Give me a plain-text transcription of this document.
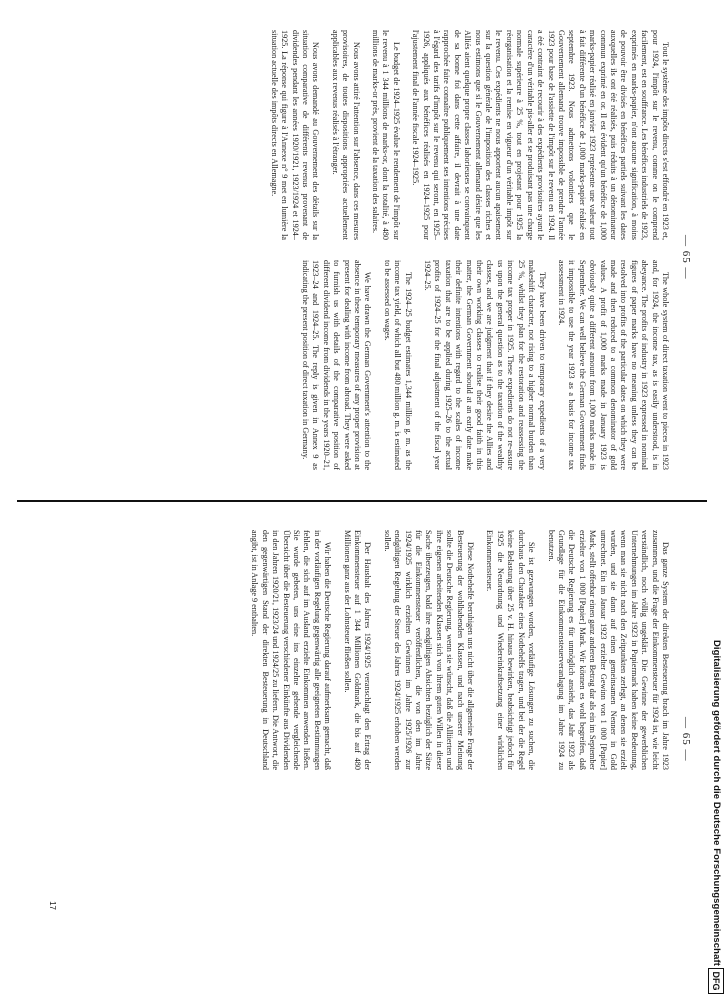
Digitalisierung gefördert durch die Deutsche Forschungsgemeinschaft
DFG
— 65 —

Tout le système des impôts directs s'est effondré en 1923 et, pour 1924, l'impôt sur le revenu, comme on le comprend facilement, est en souffrance. Les bénéfices industriels de 1923, exprimés en marks-papier, n'ont aucune signification, à moins de pouvoir être divisés en bénéfices partiels suivant les dates auxquelles ils ont été réalisés, puis réduits à un dénominateur commun exprimé en or. Il est évident qu'un bénéfice de 1,000 marks-papier réalisé en janvier 1923 représente une valeur tout à fait différente d'un bénéfice de 1,000 marks-papier réalisé en septembre 1923. Nous admettons volontiers que le Gouvernement allemand trouve impossible de prendre l'année 1923 pour base de l'assiette de l'impôt sur le revenu en 1924. Il a été contraint de recourir à des expédients provisoires ayant le caractère d'un véritable pis-aller et se produisant pas une charge normale supérieure à 25 %, tout en projetant pour 1925 la réorganisation et la remise en vigueur d'un véritable impôt sur le revenu. Ces expédients ne nous apportent aucun apaisement sur la question générale de l'imposition des classes riches et nous estimons que si le Gouvernement allemand désire que les Alliés aient quelque propre classes laborieuses se convainquent de sa bonne foi dans cette affaire, il devrait à une date rapprochée faire connaître publiquement ses intentions précises à l'égard des tarifs d'impôt sur le revenu qui seront, en 1925–1926, appliqués aux bénéfices réalisés en 1924–1925 pour l'ajustement final de l'année fiscale 1924–1925.

Le budget de 1924–1925 évalue le rendement de l'impôt sur le revenu à 1 344 millions de marks-or, dont la totalité, à 480 millions de marks-or près, provient de la taxation des salaires.

Nous avons attiré l'attention sur l'absence, dans ces mesures provisoires, de toutes dispositions appropriées actuellement applicables aux revenus réalisés à l'étranger.

Nous avons demandé au Gouvernement des détails sur la situation comparative de différents revenus provenant de dividendes pendant les années 1920/1921, 1923/1924 et 1924–1925. La réponse qui figure à l'Annexe n° 9 met en lumière la situation actuelle des impôts directs en Allemagne.

The whole system of direct taxation went to pieces in 1923 and, for 1924, the income tax, as is easily understood, is in abeyance. The profits of industry in 1923 expressed in nominal figures of paper marks have no meaning unless they can be resolved into profits of the particular dates on which they were made and then reduced to a common denominator of gold values. A profit of 1,000 marks made in January 1923 is obviously quite a different amount from 1,000 marks made in September. We can well believe the German Government finds it impossible to use the year 1923 as a basis for income tax assessment in 1924.

They have been driven to temporary expedients of a very makeshift character, not rising to a higher normal burden than 25 %, whilst they plan for the restoration and reassessing the income tax proper in 1925. These expedients do not re-assure us upon the general question as to the taxation of the wealthy classes, and we are judgment that if they desire the Allies and their own working classes to realise their good faith in this matter, the German Government should at an early date make their definite intentions with regard to the scales of income taxation that are to be applied during 1925–26 to the actual profits of 1924–25 for the final adjustment of the fiscal year 1924–25.

The 1924–25 budget estimates 1,344 million g. m. as the income tax yield, of which all but 480 million g. m. is estimated to be assessed on wages.

We have drawn the German Government's attention to the absence in these temporary measures of any proper provision at present for dealing with income from abroad. They were asked to furnish us with details of the comparative position of different dividend income from dividends in the years 1920–21, 1923–24 and 1924–25. The reply is given in Annex 9 as indicating the present position of direct taxation in Germany.

— 65 —

Das ganze System der direkten Besteuerung brach im Jahre 1923 zusammen, und die Frage der Einkommensteuer für 1924 ist, wie leicht verständlich, noch völlig ungeklärt. Die Gewinne der gewerblichen Unternehmungen im Jahre 1923 in Papiermark haben keine Bedeutung, wenn man sie nicht nach den Zeitpunkten zerlegt, an denen sie erzielt wurden, und sie dann auf einen gemeinsamen Nenner in Gold umrechnet. Ein im Januar 1923 erzielter Gewinn von 1 000 [Papier] Mark, stellt offenbar einen ganz anderen Betrag dar als ein im September erzielter von 1 000 [Papier] Mark. Wir können es wohl begreifen, daß die Deutsche Regierung es für unmöglich ansieht, das Jahr 1923 als Grundlage für die Einkommensteuerveranlagung im Jahre 1924 zu benutzen.

Sie ist gezwungen worden, vorläufige Lösungen zu suchen, die durchaus den Charakter eines Notbehelfs tragen, und bei der die Regel keine Belastung über 25 v. H. hinaus bewirken, beabsichtigt jedoch für 1925 die Neuordnung und Wiedereinkraftsetzung einer wirklichen Einkommensteuer.

Diese Notbehelfe beruhigen uns nicht über die allgemeine Frage der Besteuerung der wohlhabenden Klassen, und nach unserer Meinung sollte die Deutsche Regierung, wenn sie wünscht, daß die Alliierten und ihre eigenen arbeitenden Klassen sich von ihrem guten Willen in dieser Sache überzeugen, bald ihre endgültigen Absichten bezüglich der Sätze für die Einkommensteuer veröffentlichen, die von den im Jahre 1924/1925 wirklich erzielten Gewinnen im Jahre 1925/1926 zur endgültigen Regelung der Steuer des Jahres 1924/1925 erhoben werden sollen.

Der Haushalt des Jahres 1924/1925 veranschlagt den Ertrag der Einkommensteuer auf 1 344 Millionen Goldmark, die bis auf 480 Millionen ganz aus der Lohnsteuer fließen sollen.

Wir haben die Deutsche Regierung darauf aufmerksam gemacht, daß in der vorläufigen Regelung gegenwärtig alle geeigneten Bestimmungen fehlen, die sich auf im Ausland erzielte Einkommen anwenden ließen. Sie wurde gebeten, uns eine ins einzelne gehende vergleichende Übersicht über die Besteuerung verschiedener Einkünfte aus Dividenden in den Jahren 1920/21, 1923/24 und 1924/25 zu liefern. Die Antwort, die den gegenwärtigen Stand der direkten Besteuerung in Deutschland angibt, ist in Anlage 9 enthalten.

17
